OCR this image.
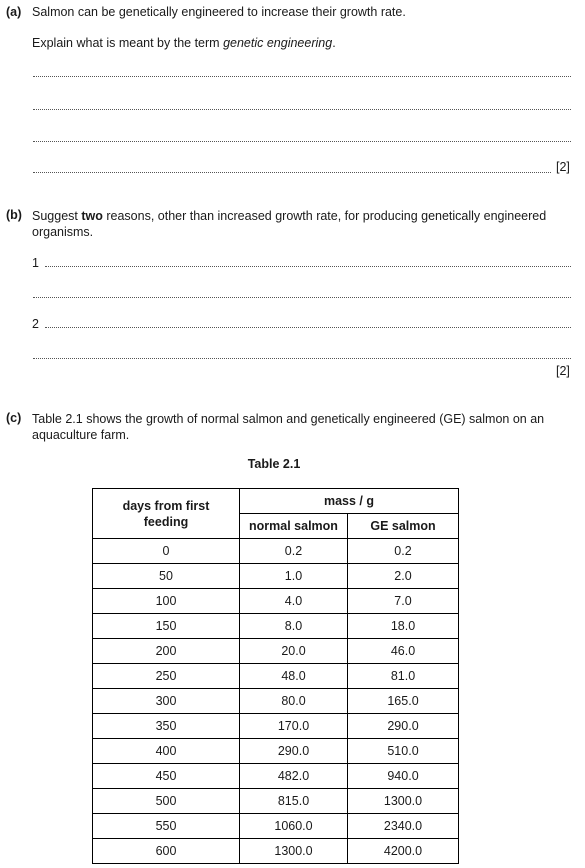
(a) Salmon can be genetically engineered to increase their growth rate.
Explain what is meant by the term genetic engineering.
[2]
(b) Suggest two reasons, other than increased growth rate, for producing genetically engineered
organisms.
1
2
[2]
(c) Table 2.1 shows the growth of normal salmon and genetically engineered (GE) salmon on an
aquaculture farm.
Table 2.1
days from first
feeding	mass / g	
	normal salmon	GE salmon
0	0.2	0.2
50	1.0	2.0
100	4.0	7.0
150	8.0	18.0
200	20.0	46.0
250	48.0	81.0
300	80.0	165.0
350	170.0	290.0
400	290.0	510.0
450	482.0	940.0
500	815.0	1300.0
550	1060.0	2340.0
600	1300.0	4200.0
